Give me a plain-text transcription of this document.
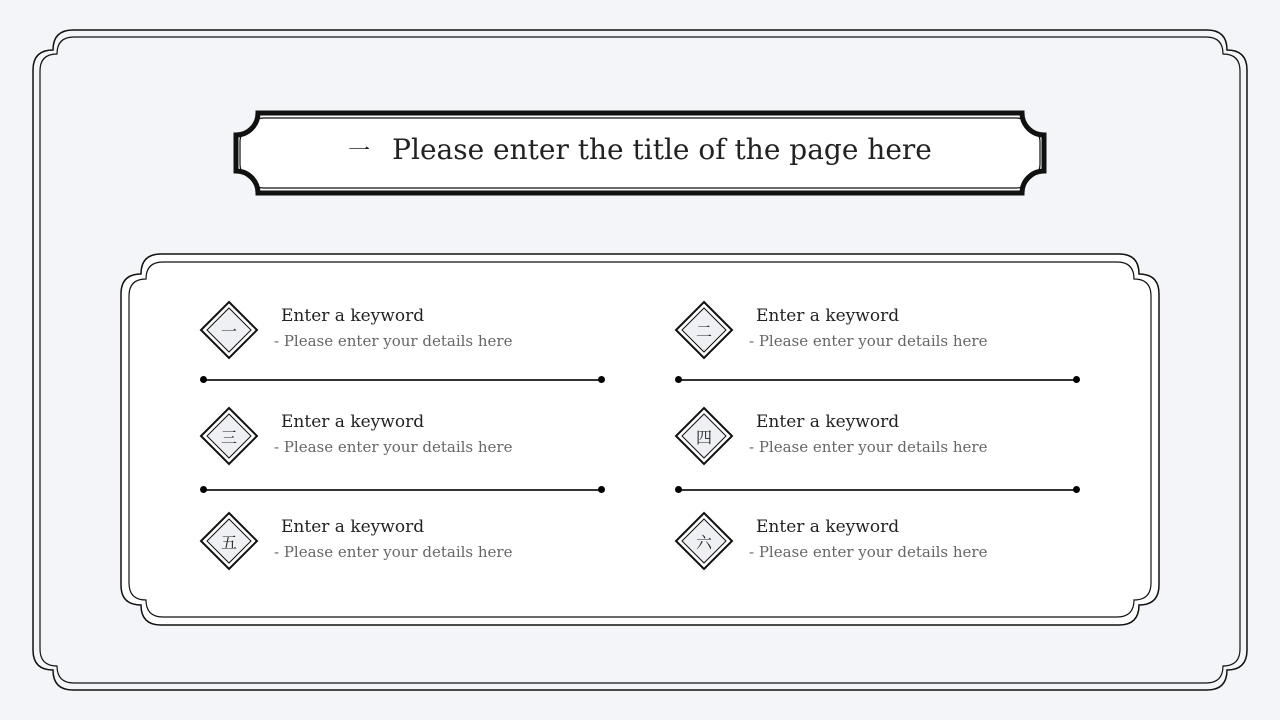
一 Please enter the title of the page here
一
Enter a keyword
- Please enter your details here
二
Enter a keyword
- Please enter your details here
三
Enter a keyword
- Please enter your details here
四
Enter a keyword
- Please enter your details here
五
Enter a keyword
- Please enter your details here
六
Enter a keyword
- Please enter your details here
